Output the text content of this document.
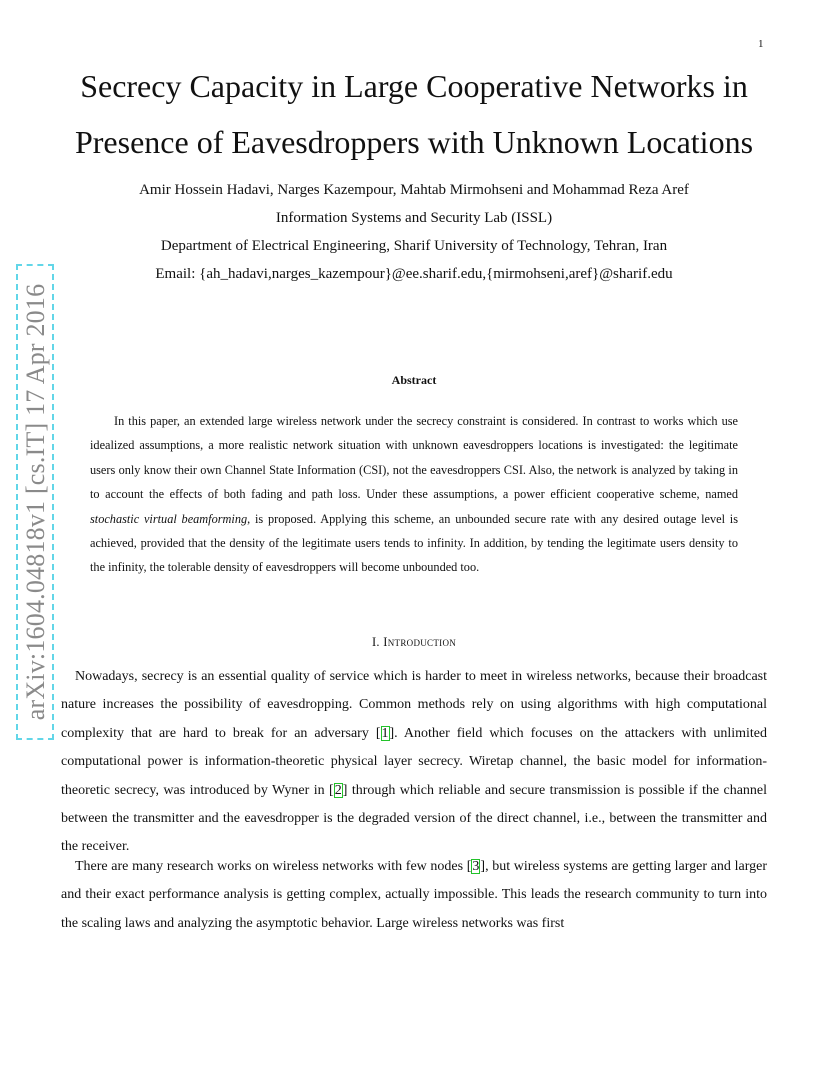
1
arXiv:1604.04818v1 [cs.IT] 17 Apr 2016
Secrecy Capacity in Large Cooperative Networks in
Presence of Eavesdroppers with Unknown Locations
Amir Hossein Hadavi, Narges Kazempour, Mahtab Mirmohseni and Mohammad Reza Aref
Information Systems and Security Lab (ISSL)
Department of Electrical Engineering, Sharif University of Technology, Tehran, Iran
Email: {ah_hadavi,narges_kazempour}@ee.sharif.edu,{mirmohseni,aref}@sharif.edu
Abstract

In this paper, an extended large wireless network under the secrecy constraint is considered. In contrast to works which use idealized assumptions, a more realistic network situation with unknown eavesdroppers locations is investigated: the legitimate users only know their own Channel State Information (CSI), not the eavesdroppers CSI. Also, the network is analyzed by taking in to account the effects of both fading and path loss. Under these assumptions, a power efficient cooperative scheme, named stochastic virtual beamforming, is proposed. Applying this scheme, an unbounded secure rate with any desired outage level is achieved, provided that the density of the legitimate users tends to infinity. In addition, by tending the legitimate users density to the infinity, the tolerable density of eavesdroppers will become unbounded too.

I. Introduction

Nowadays, secrecy is an essential quality of service which is harder to meet in wireless networks, because their broadcast nature increases the possibility of eavesdropping. Common methods rely on using algorithms with high computational complexity that are hard to break for an adversary [1]. Another field which focuses on the attackers with unlimited computational power is information-theoretic physical layer secrecy. Wiretap channel, the basic model for information-theoretic secrecy, was introduced by Wyner in [2] through which reliable and secure transmission is possible if the channel between the transmitter and the eavesdropper is the degraded version of the direct channel, i.e., between the transmitter and the receiver.

There are many research works on wireless networks with few nodes [3], but wireless systems are getting larger and larger and their exact performance analysis is getting complex, actually impossible. This leads the research community to turn into the scaling laws and analyzing the asymptotic behavior. Large wireless networks was first
